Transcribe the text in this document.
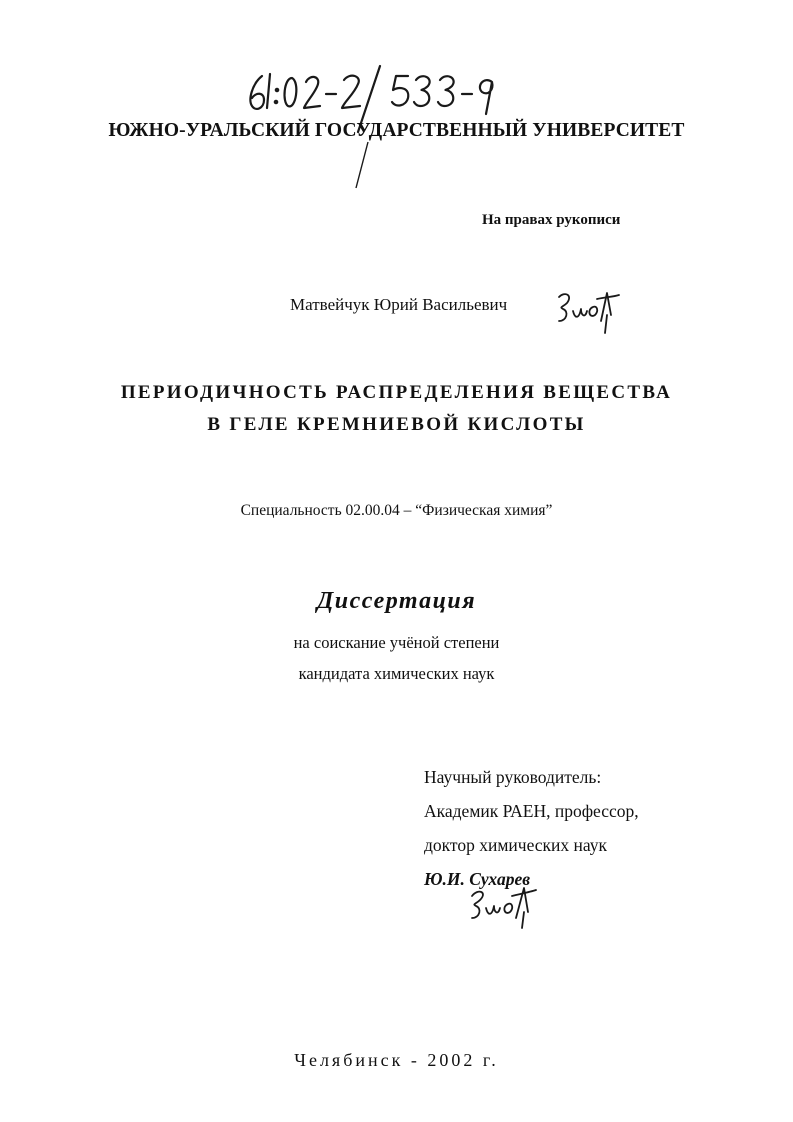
ЮЖНО-УРАЛЬСКИЙ ГОСУДАРСТВЕННЫЙ УНИВЕРСИТЕТ
На правах рукописи
Матвейчук Юрий Васильевич
ПЕРИОДИЧНОСТЬ РАСПРЕДЕЛЕНИЯ ВЕЩЕСТВА
В ГЕЛЕ КРЕМНИЕВОЙ КИСЛОТЫ
Специальность 02.00.04 – “Физическая химия”
Диссертация
на соискание учёной степени
кандидата химических наук
Научный руководитель:
Академик РАЕН, профессор,
доктор химических наук
Ю.И. Сухарев
Челябинск - 2002 г.
